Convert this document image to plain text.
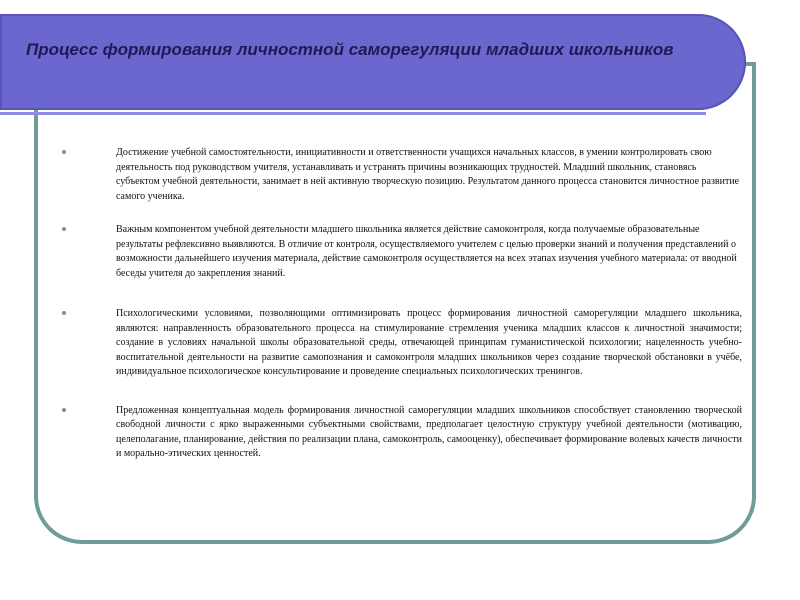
Процесс формирования личностной саморегуляции младших школьников
Достижение учебной самостоятельности, инициативности и ответственности учащихся начальных классов, в умении контролировать свою деятельность под руководством учителя, устанавливать и устранять причины возникающих трудностей. Младший школьник, становясь субъектом учебной деятельности, занимает в ней активную творческую позицию. Результатом данного процесса становится личностное развитие самого ученика.
Важным компонентом учебной деятельности младшего школьника является действие самоконтроля, когда получаемые образовательные результаты рефлексивно выявляются. В отличие от контроля, осуществляемого учителем с целью проверки знаний и получения представлений о возможности дальнейшего изучения материала, действие самоконтроля осуществляется на всех этапах изучения учебного материала: от вводной беседы учителя до закрепления знаний.
Психологическими условиями, позволяющими оптимизировать процесс формирования личностной саморегуляции младшего школьника, являются: направленность образовательного процесса на стимулирование стремления ученика младших классов к личностной значимости; создание в условиях начальной школы образовательной среды, отвечающей принципам гуманистической психологии; нацеленность учебно-воспитательной деятельности на развитие самопознания и самоконтроля младших школьников через создание творческой обстановки в учёбе, индивидуальное психологическое консультирование и проведение специальных психологических тренингов.
Предложенная концептуальная модель формирования личностной саморегуляции младших школьников способствует становлению творческой свободной личности с ярко выраженными субъектными свойствами, предполагает целостную структуру учебной деятельности (мотивацию, целеполагание, планирование, действия по реализации плана, самоконтроль, самооценку), обеспечивает формирование волевых качеств личности и морально-этических ценностей.
